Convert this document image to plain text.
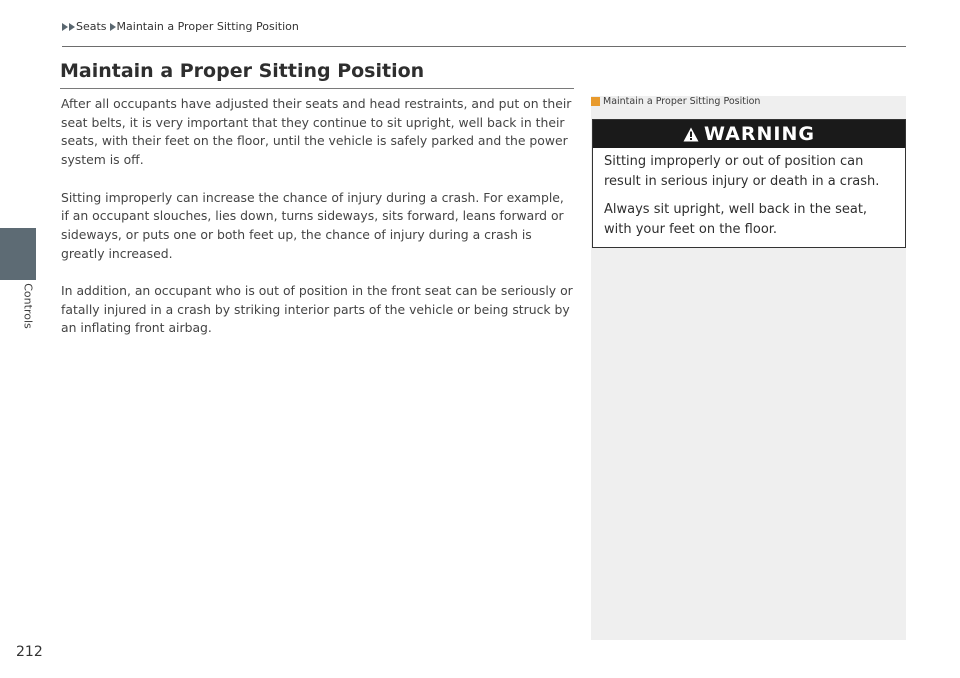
Controls
Seats Maintain a Proper Sitting Position
Maintain a Proper Sitting Position

After all occupants have adjusted their seats and head restraints, and put on their seat belts, it is very important that they continue to sit upright, well back in their seats, with their feet on the floor, until the vehicle is safely parked and the power system is off.

Sitting improperly can increase the chance of injury during a crash. For example, if an occupant slouches, lies down, turns sideways, sits forward, leans forward or sideways, or puts one or both feet up, the chance of injury during a crash is greatly increased.

In addition, an occupant who is out of position in the front seat can be seriously or fatally injured in a crash by striking interior parts of the vehicle or being struck by an inflating front airbag.

Maintain a Proper Sitting Position
WARNING

Sitting improperly or out of position can result in serious injury or death in a crash.

Always sit upright, well back in the seat, with your feet on the floor.

212
